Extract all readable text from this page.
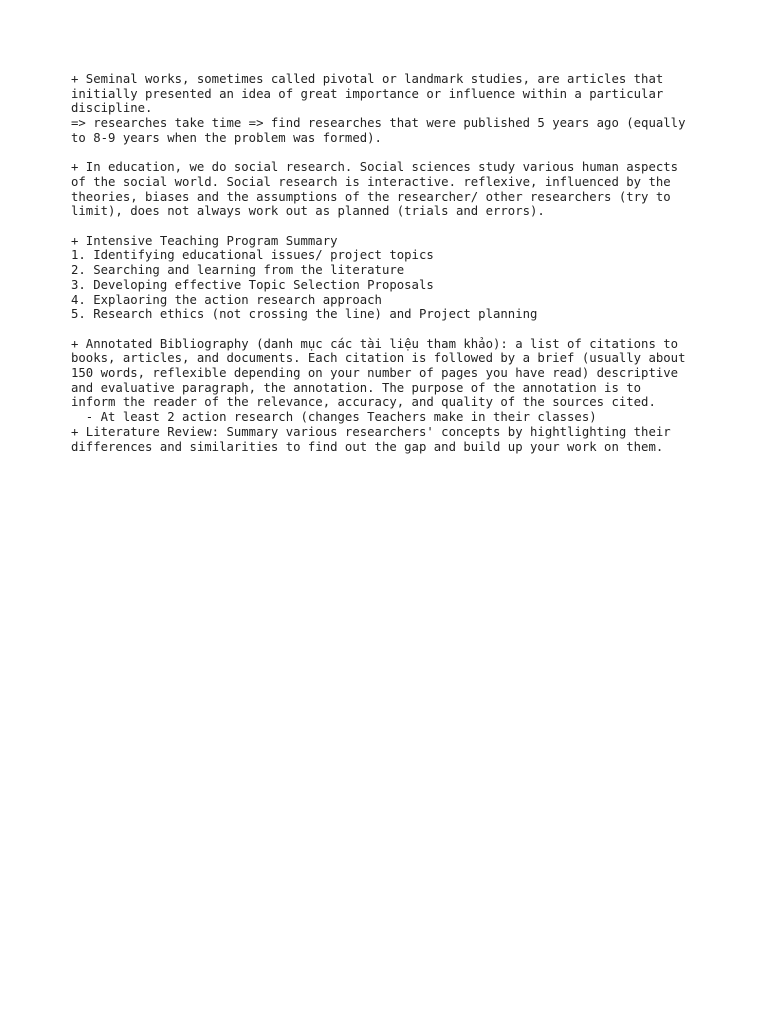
+ Seminal works, sometimes called pivotal or landmark studies, are articles that

initially presented an idea of great importance or influence within a particular

discipline.

=> researches take time => find researches that were published 5 years ago (equally

to 8-9 years when the problem was formed).

+ In education, we do social research. Social sciences study various human aspects

of the social world. Social research is interactive. reflexive, influenced by the

theories, biases and the assumptions of the researcher/ other researchers (try to

limit), does not always work out as planned (trials and errors).

+ Intensive Teaching Program Summary

1. Identifying educational issues/ project topics

2. Searching and learning from the literature

3. Developing effective Topic Selection Proposals

4. Explaoring the action research approach

5. Research ethics (not crossing the line) and Project planning

+ Annotated Bibliography (danh mục các tài liệu tham khảo): a list of citations to

books, articles, and documents. Each citation is followed by a brief (usually about

150 words, reflexible depending on your number of pages you have read) descriptive

and evaluative paragraph, the annotation. The purpose of the annotation is to

inform the reader of the relevance, accuracy, and quality of the sources cited.

- At least 2 action research (changes Teachers make in their classes)

+ Literature Review: Summary various researchers' concepts by hightlighting their

differences and similarities to find out the gap and build up your work on them.
